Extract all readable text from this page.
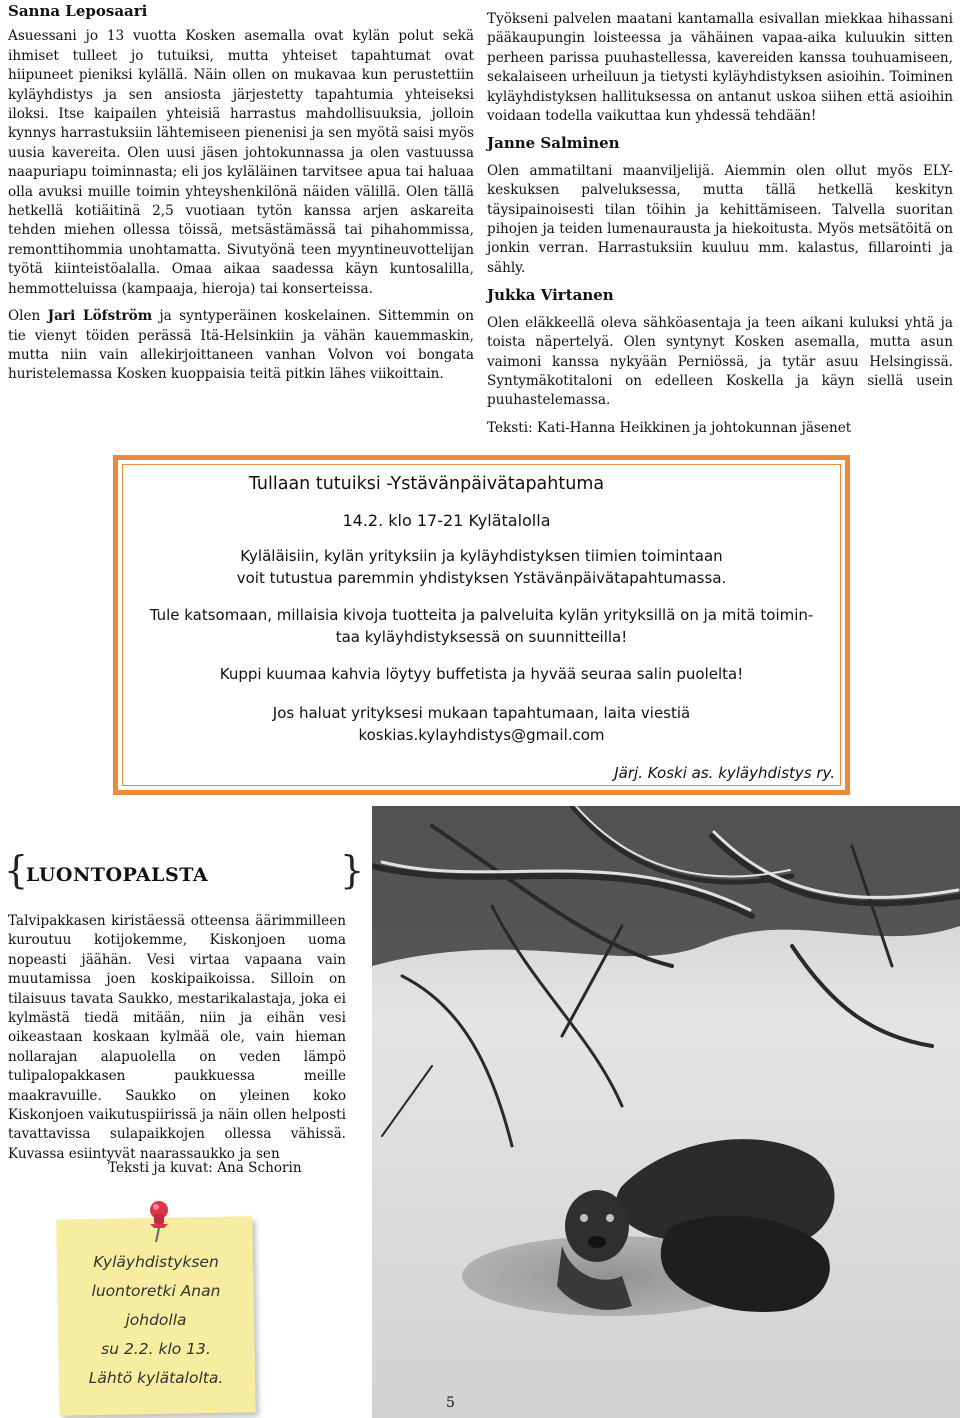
Sanna Leposaari

Asuessani jo 13 vuotta Kosken asemalla ovat kylän polut sekä ihmiset tulleet jo tutuiksi, mutta yhteiset tapahtumat ovat hiipuneet pieniksi kylällä. Näin ollen on mukavaa kun perustettiin kyläyhdistys ja sen ansiosta järjestetty tapahtumia yhteiseksi iloksi. Itse kaipailen yhteisiä harrastus mahdollisuuksia, jolloin kynnys harrastuksiin lähtemiseen pienenisi ja sen myötä saisi myös uusia kavereita. Olen uusi jäsen johtokunnassa ja olen vastuussa naapuriapu toiminnasta; eli jos kyläläinen tarvitsee apua tai haluaa olla avuksi muille toimin yhteyshenkilönä näiden välillä. Olen tällä hetkellä kotiäitinä 2,5 vuotiaan tytön kanssa arjen askareita tehden miehen ollessa töissä, metsästämässä tai pihahommissa, remonttihommia unohtamatta. Sivutyönä teen myyntineuvottelijan työtä kiinteistöalalla. Omaa aikaa saadessa käyn kuntosalilla, hemmotteluissa (kampaaja, hieroja) tai konserteissa.

Olen Jari Löfström ja syntyperäinen koskelainen. Sittemmin on tie vienyt töiden perässä Itä-Helsinkiin ja vähän kauemmaskin, mutta niin vain allekirjoittaneen vanhan Volvon voi bongata huristelemassa Kosken kuoppaisia teitä pitkin lähes viikoittain.

Työkseni palvelen maatani kantamalla esivallan miekkaa hihassani pääkaupungin loisteessa ja vähäinen vapaa-aika kuluukin sitten perheen parissa puuhastellessa, kavereiden kanssa touhuamiseen, sekalaiseen urheiluun ja tietysti kyläyhdistyksen asioihin. Toiminen kyläyhdistyksen hallituksessa on antanut uskoa siihen että asioihin voidaan todella vaikuttaa kun yhdessä tehdään!

Janne Salminen

Olen ammatiltani maanviljelijä. Aiemmin olen ollut myös ELY-keskuksen palveluksessa, mutta tällä hetkellä keskityn täysipainoisesti tilan töihin ja kehittämiseen. Talvella suoritan pihojen ja teiden lumenaurausta ja hiekoitusta. Myös metsätöitä on jonkin verran. Harrastuksiin kuuluu mm. kalastus, fillarointi ja sähly.

Jukka Virtanen

Olen eläkkeellä oleva sähköasentaja ja teen aikani kuluksi yhtä ja toista näpertelyä. Olen syntynyt Kosken asemalla, mutta asun vaimoni kanssa nykyään Perniössä, ja tytär asuu Helsingissä. Syntymäkotitaloni on edelleen Koskella ja käyn siellä usein puuhastelemassa.

Teksti: Kati-Hanna Heikkinen ja johtokunnan jäsenet

Tullaan tutuiksi -Ystävänpäivätapahtuma
14.2. klo 17-21 Kylätalolla
Kyläläisiin, kylän yrityksiin ja kyläyhdistyksen tiimien toimintaan
voit tutustua paremmin yhdistyksen Ystävänpäivätapahtumassa.
Tule katsomaan, millaisia kivoja tuotteita ja palveluita kylän yrityksillä on ja mitä toimin-
taa kyläyhdistyksessä on suunnitteilla!
Kuppi kuumaa kahvia löytyy buffetista ja hyvää seuraa salin puolelta!
Jos haluat yrityksesi mukaan tapahtumaan, laita viestiä
koskias.kylayhdistys@gmail.com
Järj. Koski as. kyläyhdistys ry.
{
LUONTOPALSTA	}
Talvipakkasen kiristäessä otteensa äärimmilleen kuroutuu kotijokemme, Kiskonjoen uoma nopeasti jäähän. Vesi virtaa vapaana vain muutamissa joen koskipaikoissa. Silloin on tilaisuus tavata Saukko, mestarikalastaja, joka ei kylmästä tiedä mitään, niin ja eihän vesi oikeastaan koskaan kylmää ole, vain hieman nollarajan alapuolella on veden lämpö tulipalopakkasen paukkuessa meille maakravuille. Saukko on yleinen koko Kiskonjoen vaikutuspiirissä ja näin ollen helposti tavattavissa sulapaikkojen ollessa vähissä. Kuvassa esiintyvät naarassaukko ja sen
Teksti ja kuvat: Ana Schorin
Kyläyhdistyksen
luontoretki Anan
johdolla
su 2.2. klo 13.
Lähtö kylätalolta.
5
